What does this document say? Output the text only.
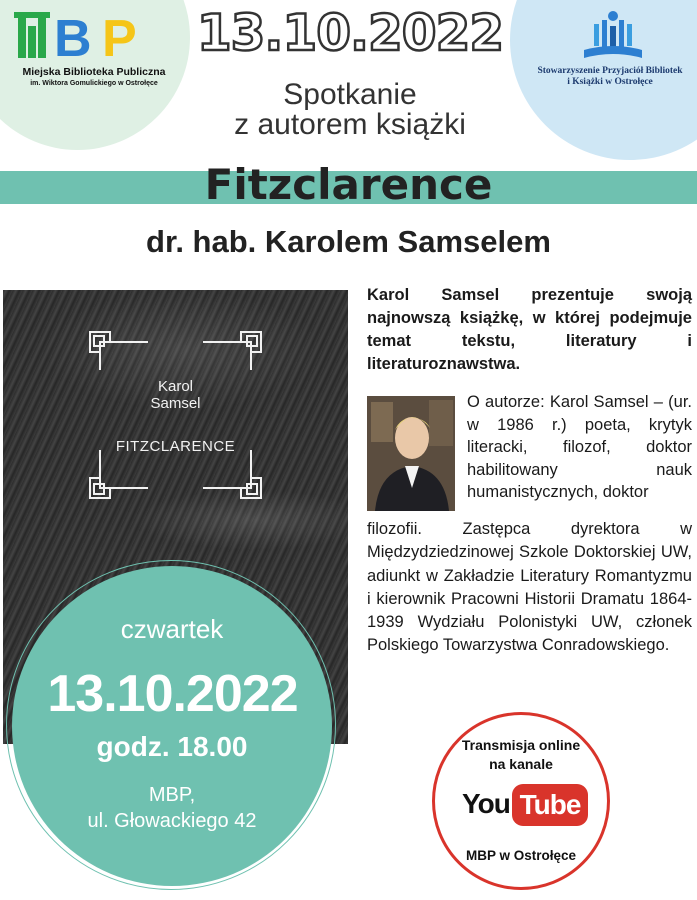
B P
Miejska Biblioteka Publiczna
im. Wiktora Gomulickiego w Ostrołęce
Stowarzyszenie Przyjaciół Bibliotek
i Książki w Ostrołęce
13.10.2022
Spotkanie
z autorem książki
Fitzclarence
dr. hab. Karolem Samselem
Karol
Samsel
FITZCLARENCE
Karol Samsel prezentuje swoją najnowszą książkę, w której podejmuje temat tekstu, literatury i literaturoznawstwa.
O autorze: Karol Samsel – (ur. w 1986 r.) poeta, krytyk literacki, filozof, doktor habilitowany nauk humanistycznych, doktor
filozofii. Zastępca dyrektora w Międzydziedzinowej Szkole Doktorskiej UW, adiunkt w Zakładzie Literatury Romantyzmu i kierownik Pracowni Historii Dramatu 1864-1939 Wydziału Polonistyki UW, członek Polskiego Towarzystwa Conradowskiego.
czwartek
13.10.2022
godz. 18.00
MBP,
ul. Głowackiego 42
Transmisja online
na kanale
You Tube
MBP w Ostrołęce
